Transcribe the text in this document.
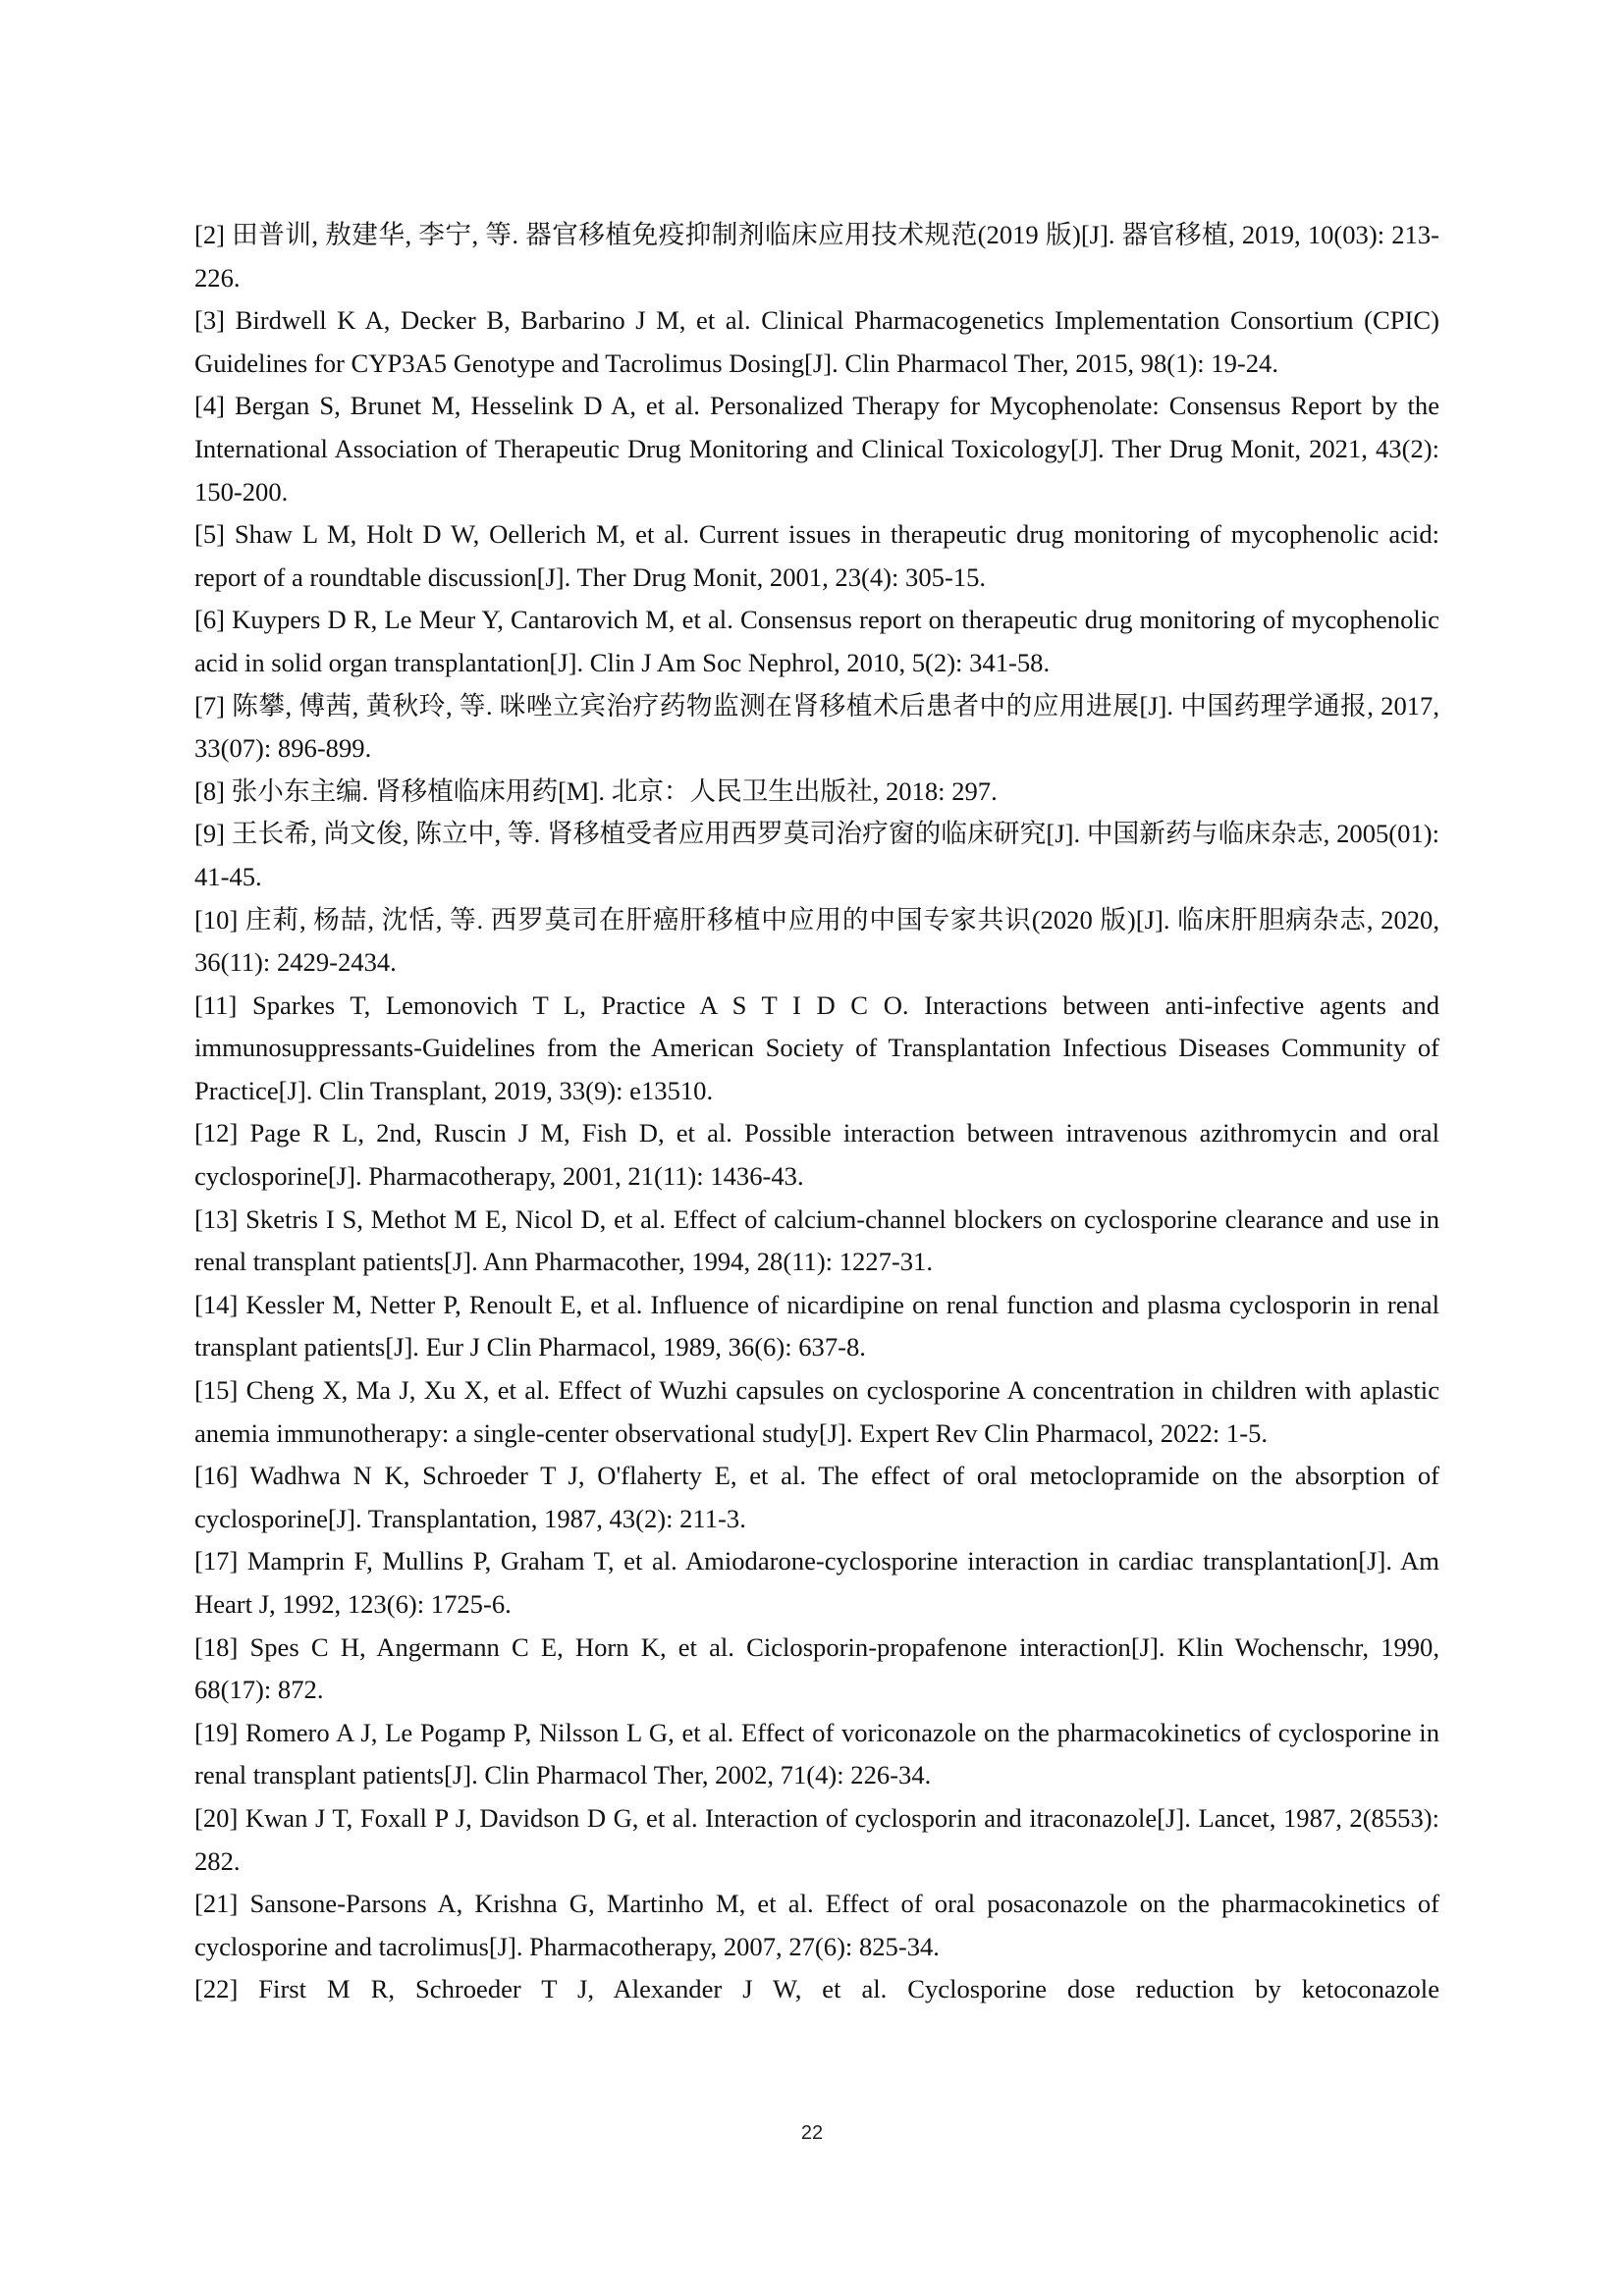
[2] 田普训, 敖建华, 李宁, 等. 器官移植免疫抑制剂临床应用技术规范(2019 版)[J]. 器官移植, 2019, 10(03): 213-226.

[3] Birdwell K A, Decker B, Barbarino J M, et al. Clinical Pharmacogenetics Implementation Consortium (CPIC) Guidelines for CYP3A5 Genotype and Tacrolimus Dosing[J]. Clin Pharmacol Ther, 2015, 98(1): 19-24.

[4] Bergan S, Brunet M, Hesselink D A, et al. Personalized Therapy for Mycophenolate: Consensus Report by the International Association of Therapeutic Drug Monitoring and Clinical Toxicology[J]. Ther Drug Monit, 2021, 43(2): 150-200.

[5] Shaw L M, Holt D W, Oellerich M, et al. Current issues in therapeutic drug monitoring of mycophenolic acid: report of a roundtable discussion[J]. Ther Drug Monit, 2001, 23(4): 305-15.

[6] Kuypers D R, Le Meur Y, Cantarovich M, et al. Consensus report on therapeutic drug monitoring of mycophenolic acid in solid organ transplantation[J]. Clin J Am Soc Nephrol, 2010, 5(2): 341-58.

[7] 陈攀, 傅茜, 黄秋玲, 等. 咪唑立宾治疗药物监测在肾移植术后患者中的应用进展[J]. 中国药理学通报, 2017, 33(07): 896-899.

[8] 张小东主编. 肾移植临床用药[M]. 北京：人民卫生出版社, 2018: 297.

[9] 王长希, 尚文俊, 陈立中, 等. 肾移植受者应用西罗莫司治疗窗的临床研究[J]. 中国新药与临床杂志, 2005(01): 41-45.

[10] 庄莉, 杨喆, 沈恬, 等. 西罗莫司在肝癌肝移植中应用的中国专家共识(2020 版)[J]. 临床肝胆病杂志, 2020, 36(11): 2429-2434.

[11] Sparkes T, Lemonovich T L, Practice A S T I D C O. Interactions between anti-infective agents and immunosuppressants-Guidelines from the American Society of Transplantation Infectious Diseases Community of Practice[J]. Clin Transplant, 2019, 33(9): e13510.

[12] Page R L, 2nd, Ruscin J M, Fish D, et al. Possible interaction between intravenous azithromycin and oral cyclosporine[J]. Pharmacotherapy, 2001, 21(11): 1436-43.

[13] Sketris I S, Methot M E, Nicol D, et al. Effect of calcium-channel blockers on cyclosporine clearance and use in renal transplant patients[J]. Ann Pharmacother, 1994, 28(11): 1227-31.

[14] Kessler M, Netter P, Renoult E, et al. Influence of nicardipine on renal function and plasma cyclosporin in renal transplant patients[J]. Eur J Clin Pharmacol, 1989, 36(6): 637-8.

[15] Cheng X, Ma J, Xu X, et al. Effect of Wuzhi capsules on cyclosporine A concentration in children with aplastic anemia immunotherapy: a single-center observational study[J]. Expert Rev Clin Pharmacol, 2022: 1-5.

[16] Wadhwa N K, Schroeder T J, O'flaherty E, et al. The effect of oral metoclopramide on the absorption of cyclosporine[J]. Transplantation, 1987, 43(2): 211-3.

[17] Mamprin F, Mullins P, Graham T, et al. Amiodarone-cyclosporine interaction in cardiac transplantation[J]. Am Heart J, 1992, 123(6): 1725-6.

[18] Spes C H, Angermann C E, Horn K, et al. Ciclosporin-propafenone interaction[J]. Klin Wochenschr, 1990, 68(17): 872.

[19] Romero A J, Le Pogamp P, Nilsson L G, et al. Effect of voriconazole on the pharmacokinetics of cyclosporine in renal transplant patients[J]. Clin Pharmacol Ther, 2002, 71(4): 226-34.

[20] Kwan J T, Foxall P J, Davidson D G, et al. Interaction of cyclosporin and itraconazole[J]. Lancet, 1987, 2(8553): 282.

[21] Sansone-Parsons A, Krishna G, Martinho M, et al. Effect of oral posaconazole on the pharmacokinetics of cyclosporine and tacrolimus[J]. Pharmacotherapy, 2007, 27(6): 825-34.

[22] First M R, Schroeder T J, Alexander J W, et al. Cyclosporine dose reduction by ketoconazole

22
